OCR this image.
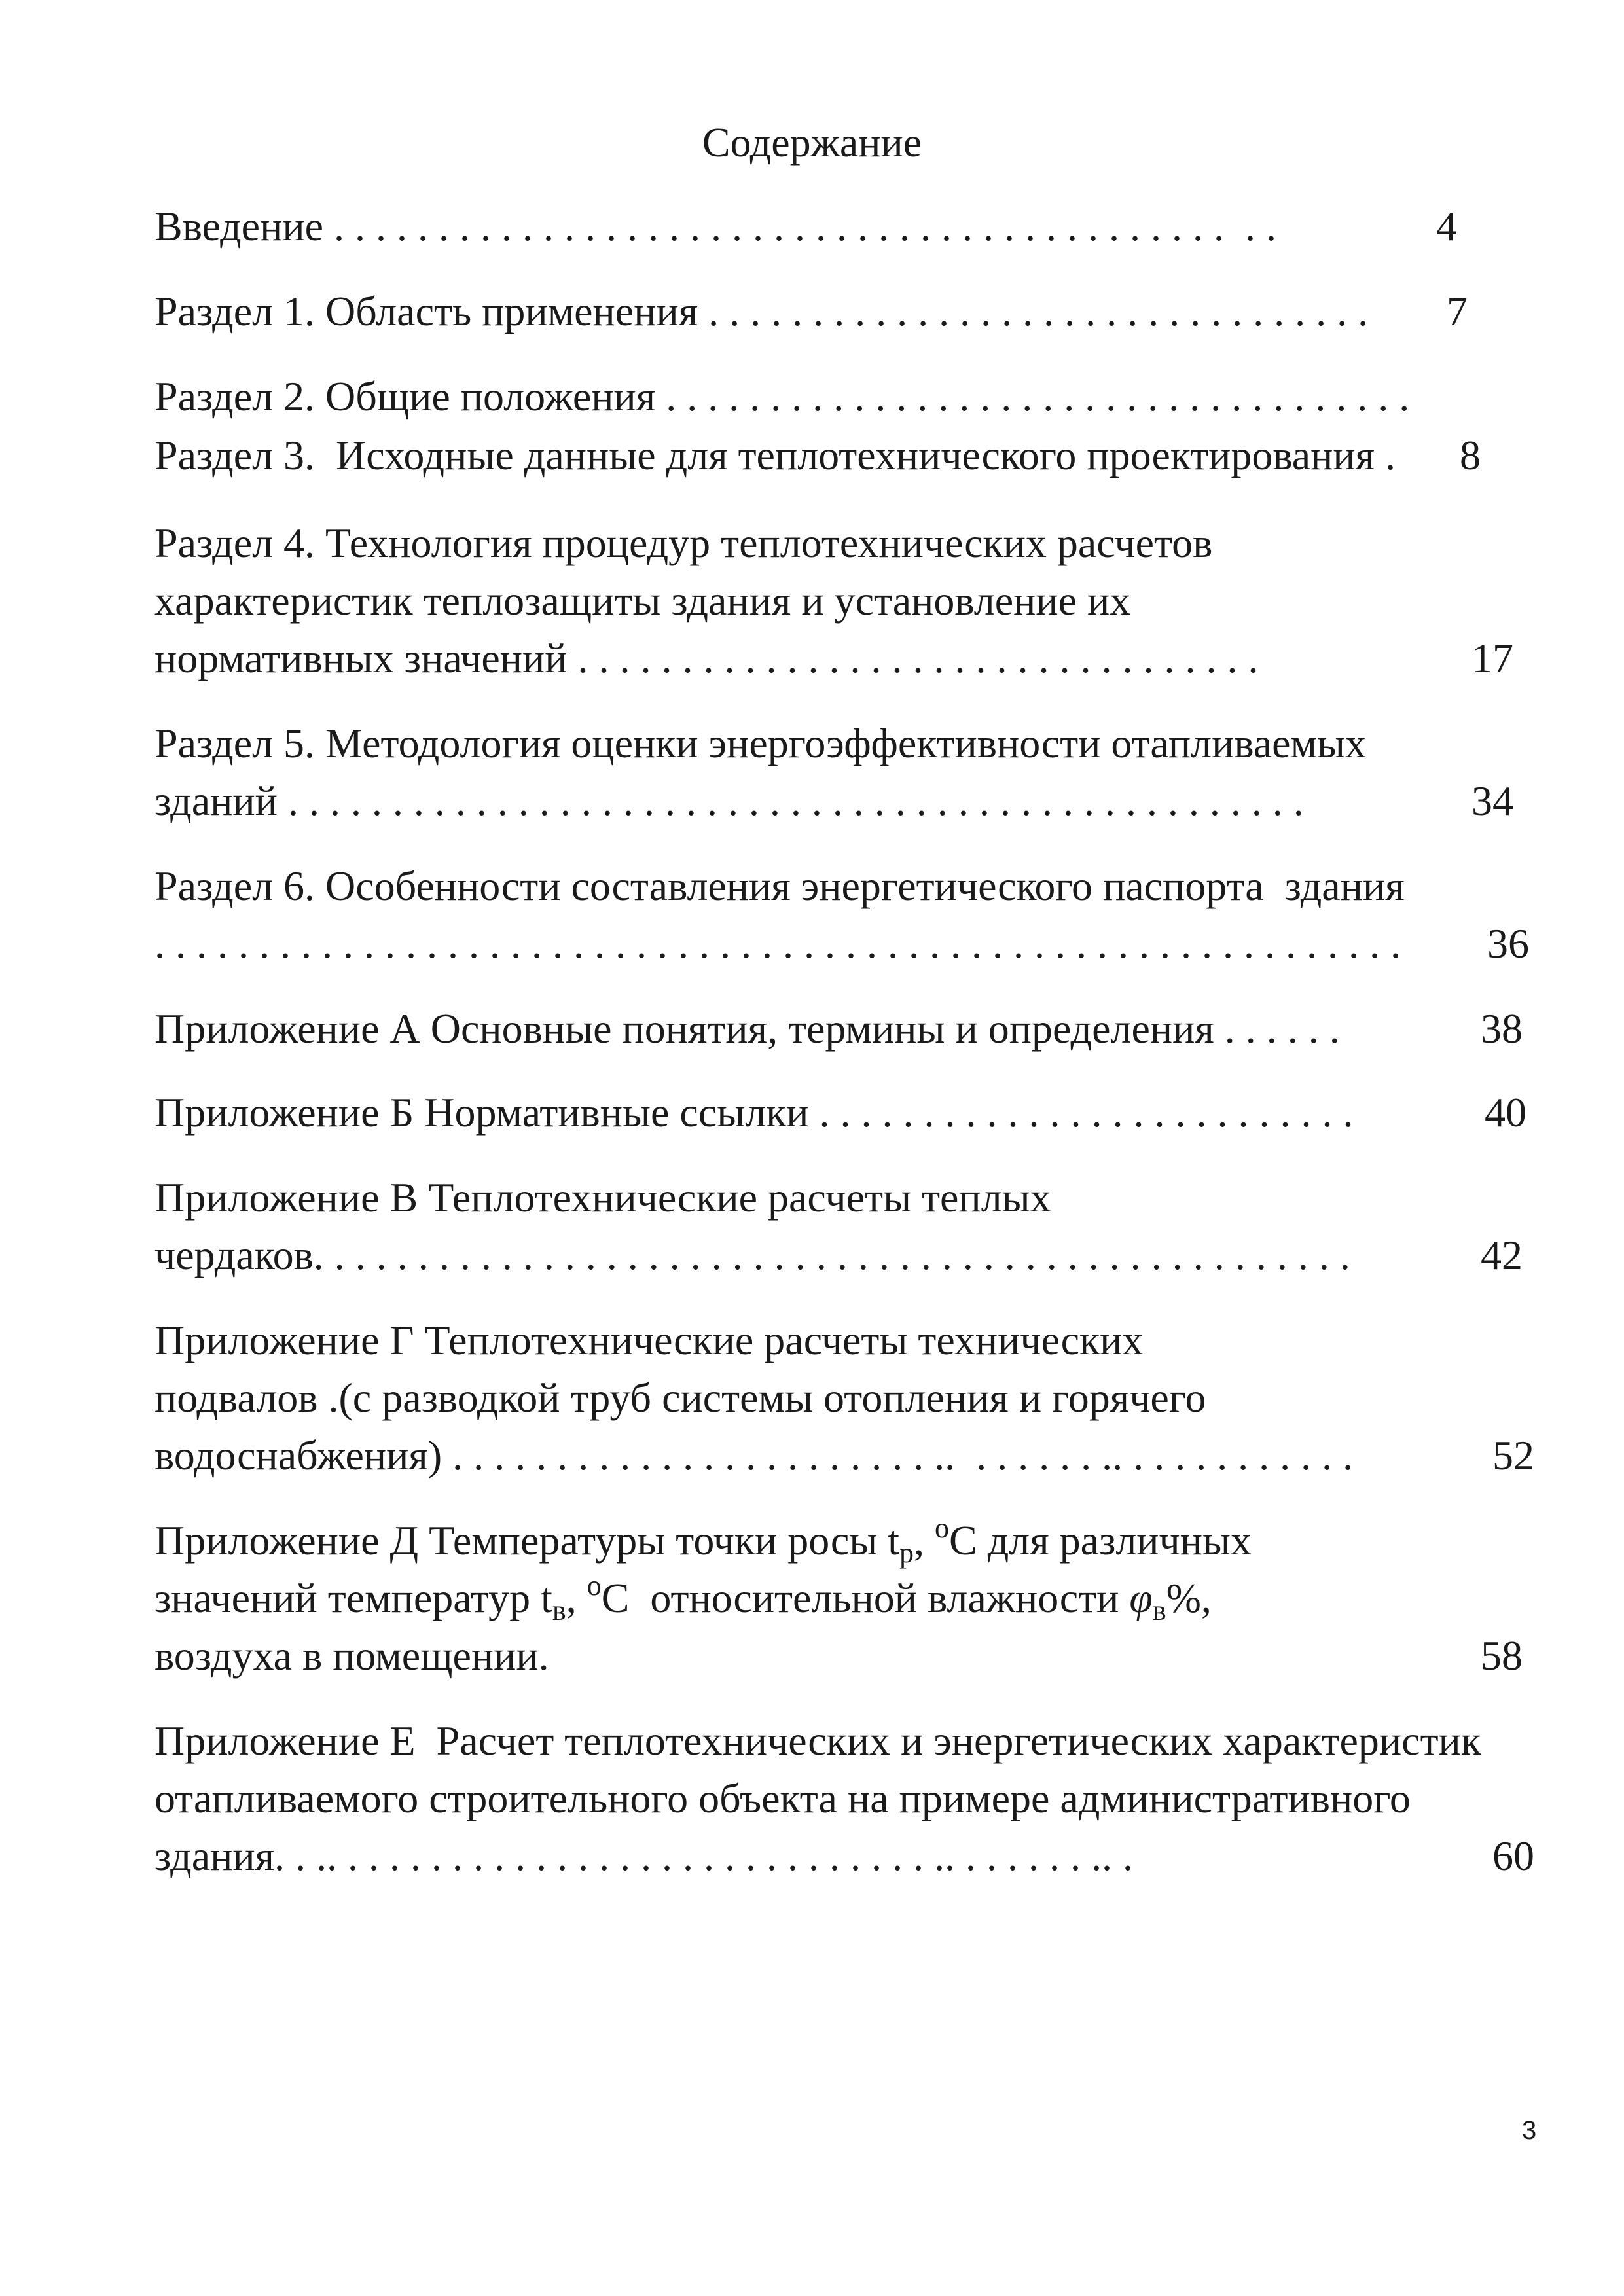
Содержание

Введение . . . . . . . . . . . . . . . . . . . . . . . . . . . . . . . . . . . . . . . . . . .  . .	4

Раздел 1. Область применения . . . . . . . . . . . . . . . . . . . . . . . . . . . . . . . . 7

Раздел 2. Общие положения . . . . . . . . . . . . . . . . . . . . . . . . . . . . . . . . . . . .

Раздел 3.  Исходные данные для теплотехнического проектирования . 8

Раздел 4. Технология процедур теплотехнических расчетов

характеристик теплозащиты здания и установление их

нормативных значений . . . . . . . . . . . . . . . . . . . . . . . . . . . . . . . . .	17

Раздел 5. Методология оценки энергоэффективности отапливаемых

зданий . . . . . . . . . . . . . . . . . . . . . . . . . . . . . . . . . . . . . . . . . . . . . . . . .	34

Раздел 6. Особенности составления энергетического паспорта  здания

. . . . . . . . . . . . . . . . . . . . . . . . . . . . . . . . . . . . . . . . . . . . . . . . . . . . . . . . . . . . 36

Приложение А Основные понятия, термины и определения . . . . . .	38

Приложение Б Нормативные ссылки . . . . . . . . . . . . . . . . . . . . . . . . . .	40

Приложение В Теплотехнические расчеты теплых

чердаков. . . . . . . . . . . . . . . . . . . . . . . . . . . . . . . . . . . . . . . . . . . . . . . . . .	42

Приложение Г Теплотехнические расчеты технических

подвалов .(с разводкой труб системы отопления и горячего

водоснабжения) . . . . . . . . . . . . . . . . . . . . . . . ..  . . . . . . .. . . . . . . . . . . .	52

Приложение Д Температуры точки росы $t_р$, $^о$С для различных

значений температур $t_в$, $^о$С  относительной влажности $\varphi_в\%$,

воздуха в помещении.	58

Приложение Е  Расчет теплотехнических и энергетических характеристик

отапливаемого строительного объекта на примере административного

здания. . .. . . . . . . . . . . . . . . . . . . . . . . . . . . . . .. . . . . . . .. .	60
3
